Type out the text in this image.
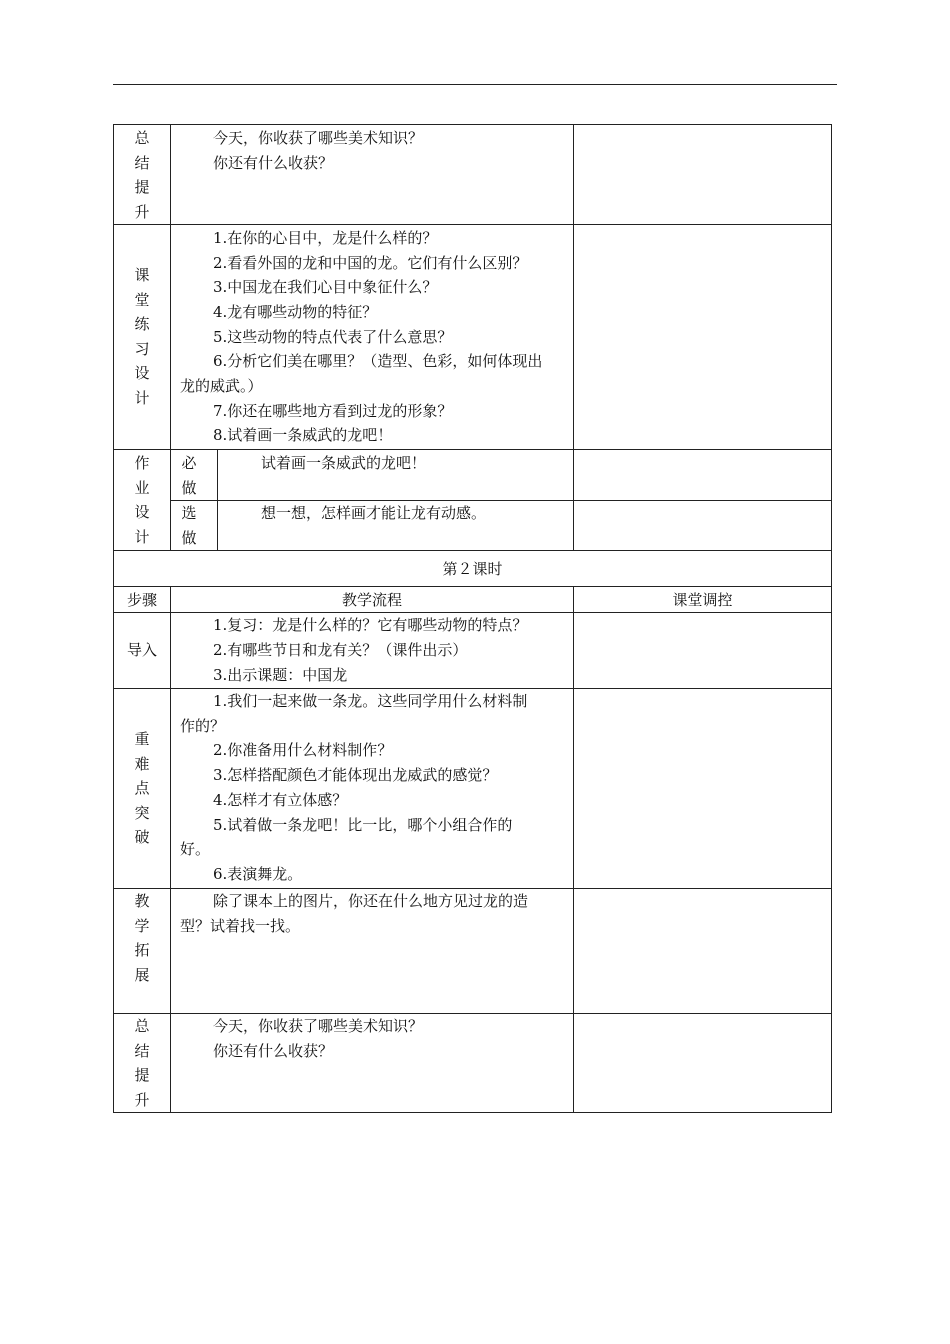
总
结
提
升
今天，你收获了哪些美术知识？
你还有什么收获？
课
堂
练
习
设
计
1.在你的心目中，龙是什么样的？
2.看看外国的龙和中国的龙。它们有什么区别？
3.中国龙在我们心目中象征什么？
4.龙有哪些动物的特征？
5.这些动物的特点代表了什么意思？
6.分析它们美在哪里？（造型、色彩，如何体现出
龙的威武。）
7.你还在哪些地方看到过龙的形象？
8.试着画一条威武的龙吧！
作
业
设
计
必
做
试着画一条威武的龙吧！
选
做
想一想，怎样画才能让龙有动感。
第２课时
步骤	教学流程	课堂调控
导入
1.复习：龙是什么样的？它有哪些动物的特点？
2.有哪些节日和龙有关？（课件出示）
3.出示课题：中国龙
重
难
点
突
破
1.我们一起来做一条龙。这些同学用什么材料制
作的？
2.你准备用什么材料制作？
3.怎样搭配颜色才能体现出龙威武的感觉？
4.怎样才有立体感？
5.试着做一条龙吧！比一比，哪个小组合作的
好。
6.表演舞龙。
教
学
拓
展
除了课本上的图片，你还在什么地方见过龙的造
型？试着找一找。
总
结
提
升
今天，你收获了哪些美术知识？
你还有什么收获？
